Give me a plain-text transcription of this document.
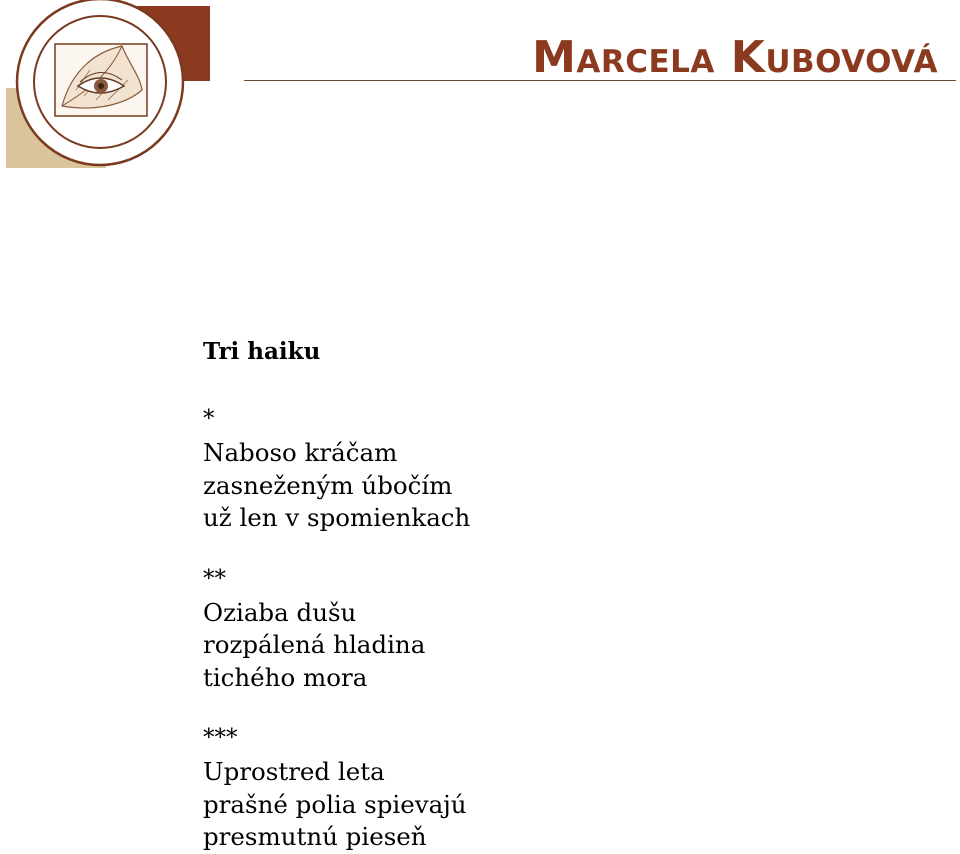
Marcela Kubovová
Tri haiku
*
Naboso kráčam
zasneženým úbočím
už len v spomienkach
**
Oziaba dušu
rozpálená hladina
tichého mora
***
Uprostred leta
prašné polia spievajú
presmutnú pieseň
